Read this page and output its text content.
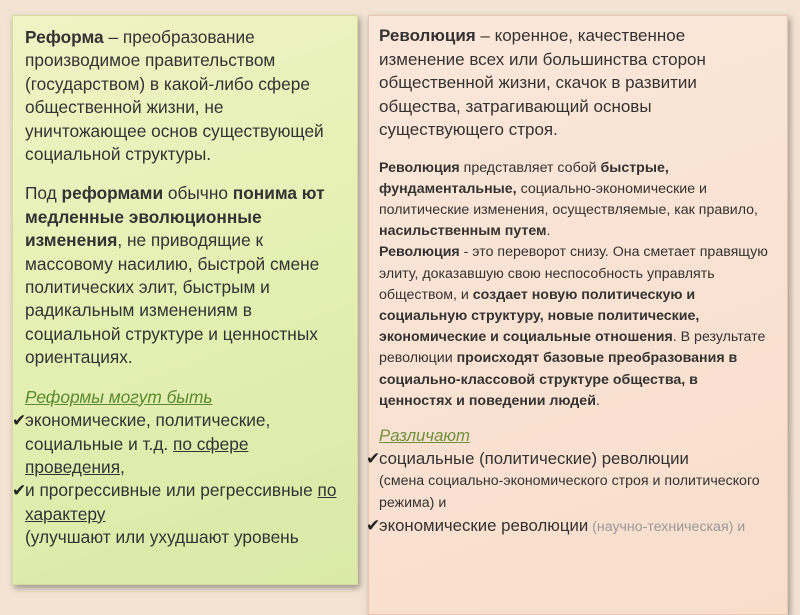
Реформа – преобразование производимое правительством (государством) в какой-либо сфере общественной жизни, не уничтожающее основ существующей социальной структуры.

Под реформами обычно понима ют медленные эволюционные изменения, не приводящие к массовому насилию, быстрой смене политических элит, быстрым и радикальным изменениям в социальной структуре и ценностных ориентациях.

Реформы могут быть

✔
экономические, политические, социальные и т.д. по сфере проведения,

✔
и прогрессивные или регрессивные по характеру

(улучшают или ухудшают уровень

Революция – коренное, качественное изменение всех или большинства сторон общественной жизни, скачок в развитии общества, затрагивающий основы существующего строя.

Революция представляет собой быстрые, фундаментальные, социально-экономические и политические изменения, осуществляемые, как правило, насильственным путем.

Революция - это переворот снизу. Она сметает правящую элиту, доказавшую свою неспособность управлять обществом, и создает новую политическую и социальную структуру, новые политические, экономические и социальные отношения. В результате революции происходят базовые преобразования в социально-классовой структуре общества, в ценностях и поведении людей.

Различают

✔
социальные (политические) революции

(смена социально-экономического строя и политического режима) и

✔
экономические революции (научно-техническая) и
